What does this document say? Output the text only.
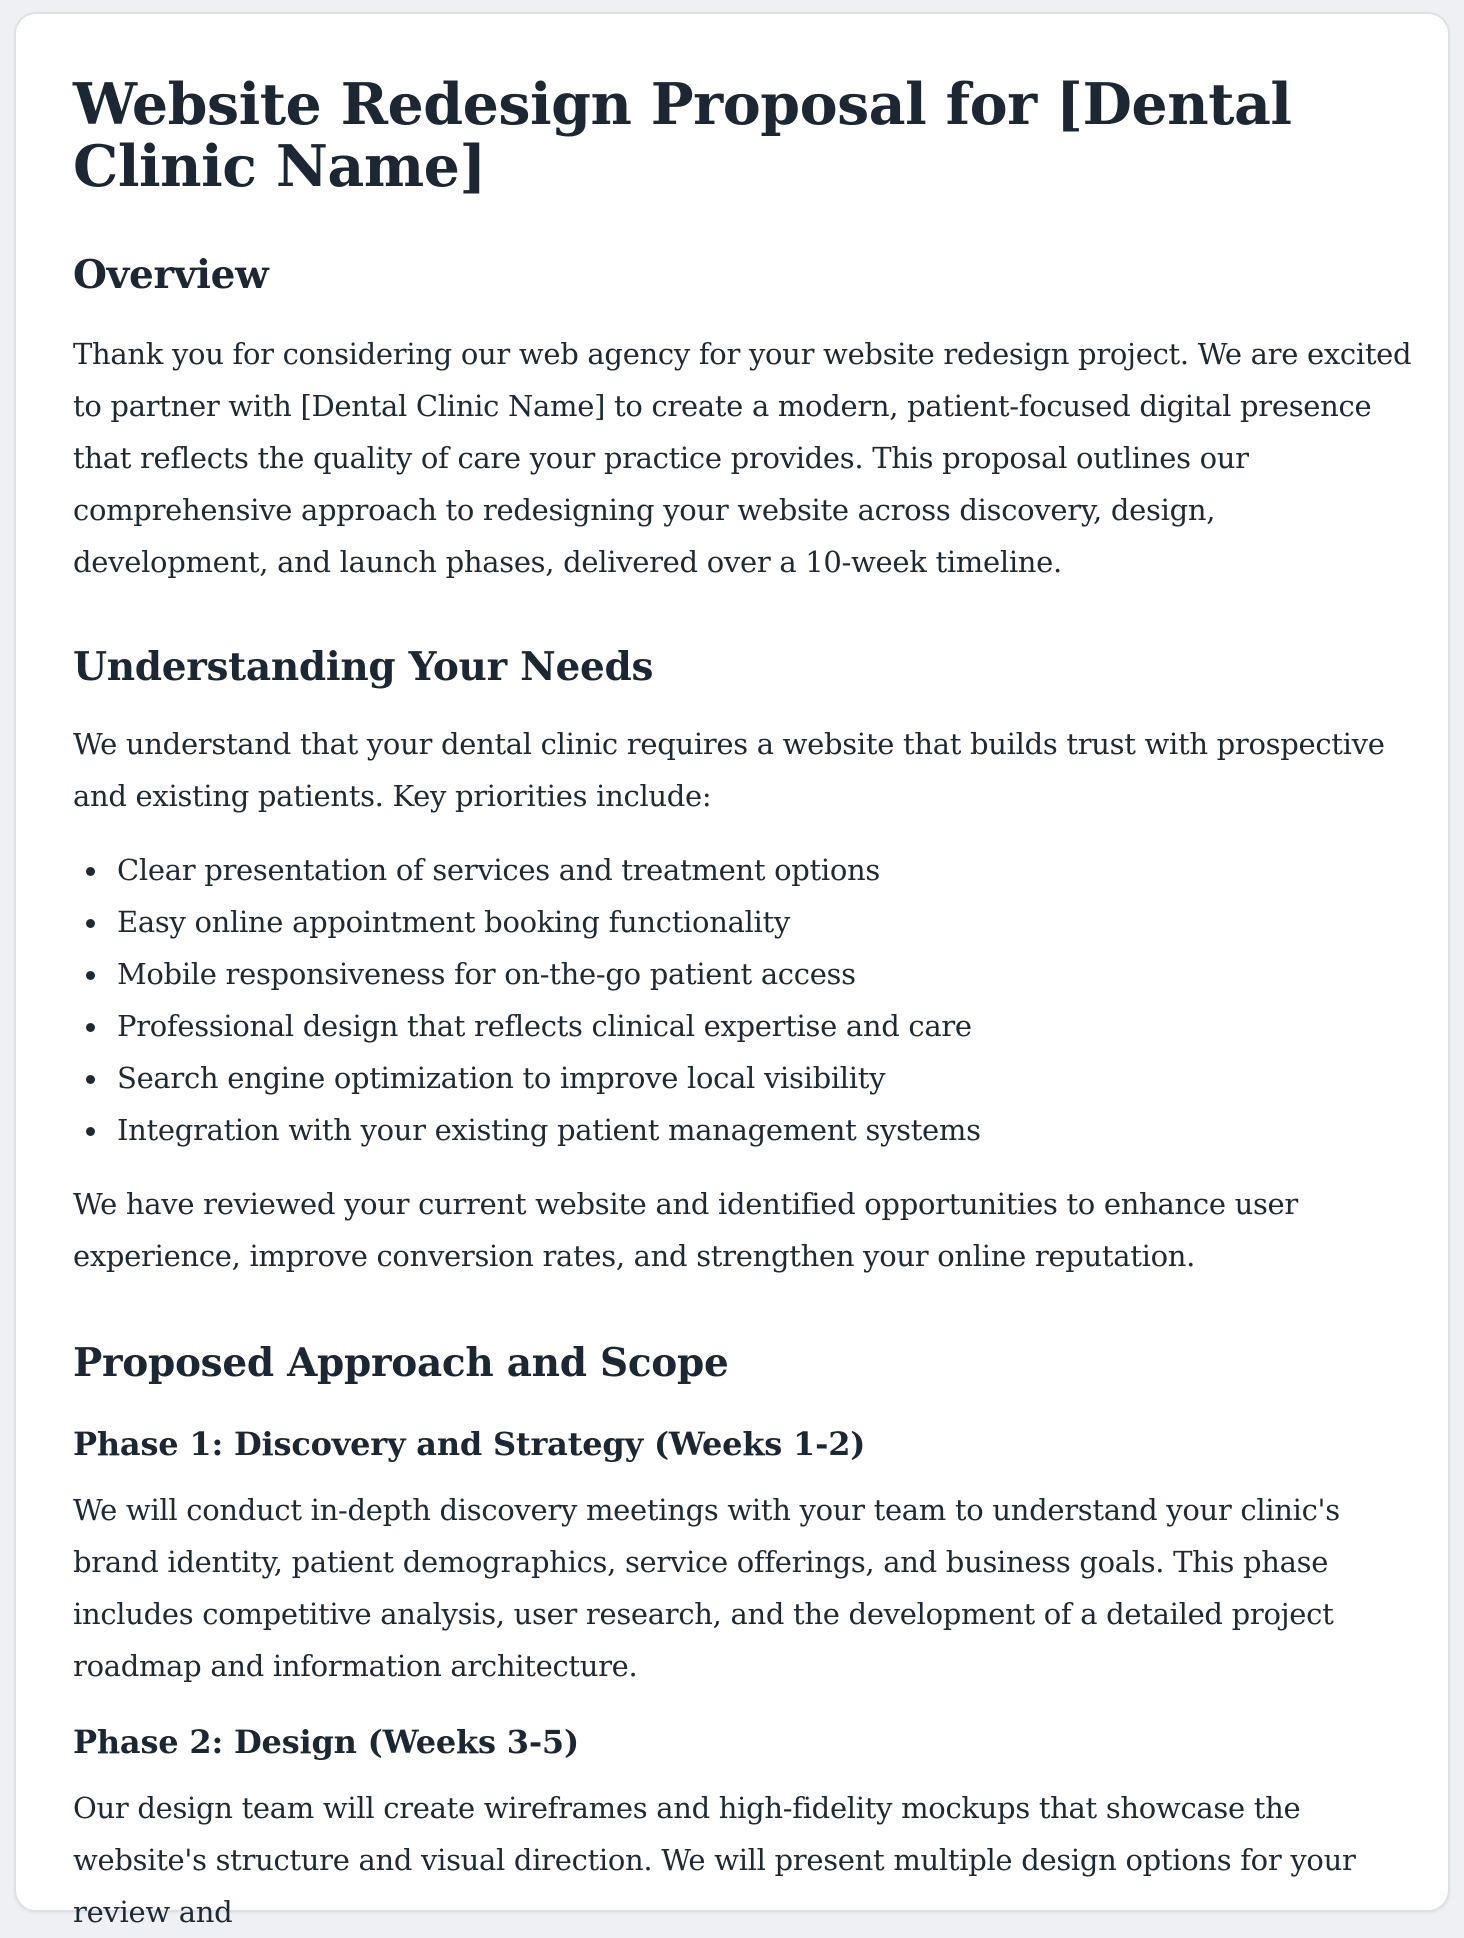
Website Redesign Proposal for [Dental Clinic Name]
Overview

Thank you for considering our web agency for your website redesign project. We are excited to partner with [Dental Clinic Name] to create a modern, patient-focused digital presence that reflects the quality of care your practice provides. This proposal outlines our comprehensive approach to redesigning your website across discovery, design, development, and launch phases, delivered over a 10-week timeline.

Understanding Your Needs

We understand that your dental clinic requires a website that builds trust with prospective and existing patients. Key priorities include:

Clear presentation of services and treatment options
Easy online appointment booking functionality
Mobile responsiveness for on-the-go patient access
Professional design that reflects clinical expertise and care
Search engine optimization to improve local visibility
Integration with your existing patient management systems

We have reviewed your current website and identified opportunities to enhance user experience, improve conversion rates, and strengthen your online reputation.

Proposed Approach and Scope
Phase 1: Discovery and Strategy (Weeks 1-2)

We will conduct in-depth discovery meetings with your team to understand your clinic's brand identity, patient demographics, service offerings, and business goals. This phase includes competitive analysis, user research, and the development of a detailed project roadmap and information architecture.

Phase 2: Design (Weeks 3-5)

Our design team will create wireframes and high-fidelity mockups that showcase the website's structure and visual direction. We will present multiple design options for your review and
